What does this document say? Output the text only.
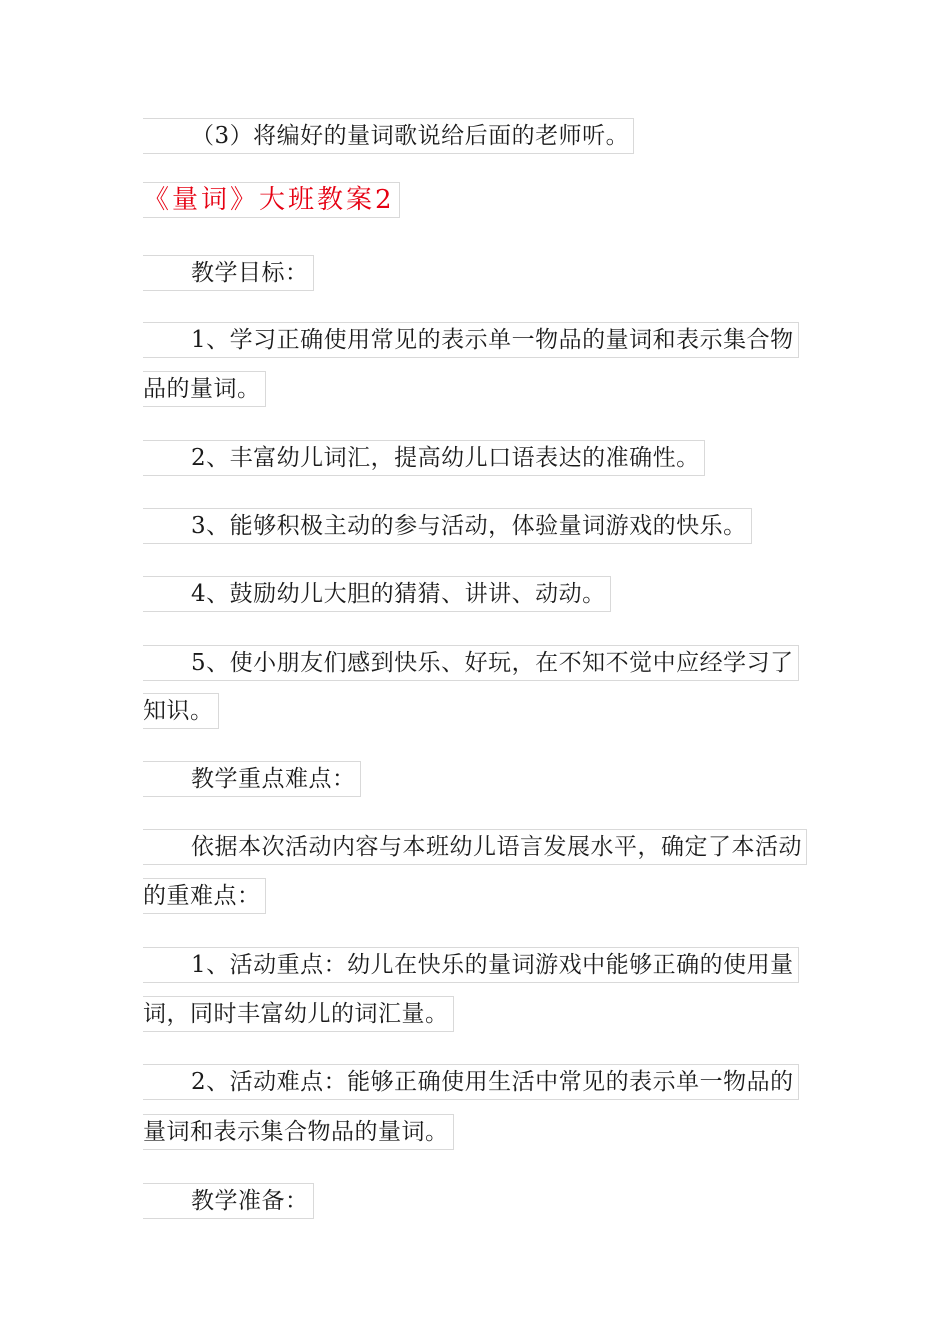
（3）将编好的量词歌说给后面的老师听。
《量词》大班教案2
教学目标：
1、学习正确使用常见的表示单一物品的量词和表示集合物
品的量词。
2、丰富幼儿词汇，提高幼儿口语表达的准确性。
3、能够积极主动的参与活动，体验量词游戏的快乐。
4、鼓励幼儿大胆的猜猜、讲讲、动动。
5、使小朋友们感到快乐、好玩，在不知不觉中应经学习了
知识。
教学重点难点：
依据本次活动内容与本班幼儿语言发展水平，确定了本活动
的重难点：
1、活动重点：幼儿在快乐的量词游戏中能够正确的使用量
词，同时丰富幼儿的词汇量。
2、活动难点：能够正确使用生活中常见的表示单一物品的
量词和表示集合物品的量词。
教学准备：
